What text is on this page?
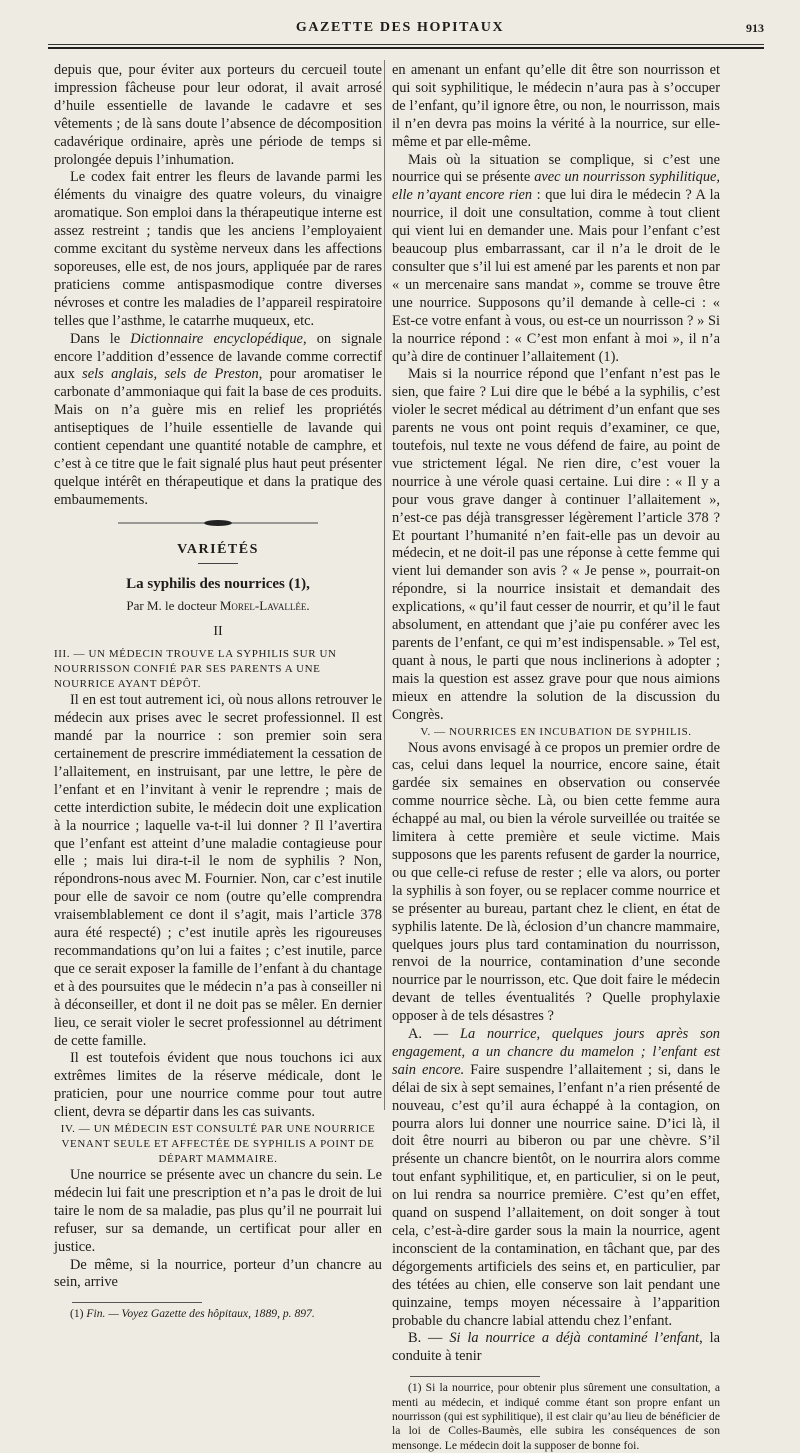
GAZETTE DES HOPITAUX	913

depuis que, pour éviter aux porteurs du cercueil toute impression fâcheuse pour leur odorat, il avait arrosé d’huile essentielle de lavande le cadavre et ses vêtements ; de là sans doute l’absence de décomposition cadavérique ordinaire, après une période de temps si prolongée depuis l’inhumation.

Le codex fait entrer les fleurs de lavande parmi les éléments du vinaigre des quatre voleurs, du vinaigre aromatique. Son emploi dans la thérapeutique interne est assez restreint ; tandis que les anciens l’employaient comme excitant du système nerveux dans les affections soporeuses, elle est, de nos jours, appliquée par de rares praticiens comme antispasmodique contre diverses névroses et contre les maladies de l’appareil respiratoire telles que l’asthme, le catarrhe muqueux, etc.

Dans le Dictionnaire encyclopédique, on signale encore l’addition d’essence de lavande comme correctif aux sels anglais, sels de Preston, pour aromatiser le carbonate d’ammoniaque qui fait la base de ces produits. Mais on n’a guère mis en relief les propriétés antiseptiques de l’huile essentielle de lavande qui contient cependant une quantité notable de camphre, et c’est à ce titre que le fait signalé plus haut peut présenter quelque intérêt en thérapeutique et dans la pratique des embaumements.

VARIÉTÉS
La syphilis des nourrices (1),
Par M. le docteur Morel-Lavallée.
II

III. — UN MÉDECIN TROUVE LA SYPHILIS SUR UN NOURRISSON CONFIÉ PAR SES PARENTS A UNE NOURRICE AYANT DÉPÔT.

Il en est tout autrement ici, où nous allons retrouver le médecin aux prises avec le secret professionnel. Il est mandé par la nourrice : son premier soin sera certainement de prescrire immédiatement la cessation de l’allaitement, en instruisant, par une lettre, le père de l’enfant et en l’invitant à venir le reprendre ; mais de cette interdiction subite, le médecin doit une explication à la nourrice ; laquelle va-t-il lui donner ? Il l’avertira que l’enfant est atteint d’une maladie contagieuse pour elle ; mais lui dira-t-il le nom de syphilis ? Non, répondrons-nous avec M. Fournier. Non, car c’est inutile pour elle de savoir ce nom (outre qu’elle comprendra vraisemblablement ce dont il s’agit, mais l’article 378 aura été respecté) ; c’est inutile après les rigoureuses recommandations qu’on lui a faites ; c’est inutile, parce que ce serait exposer la famille de l’enfant à du chantage et à des poursuites que le médecin n’a pas à conseiller ni à déconseiller, et dont il ne doit pas se mêler. En dernier lieu, ce serait violer le secret professionnel au détriment de cette famille.

Il est toutefois évident que nous touchons ici aux extrêmes limites de la réserve médicale, dont le praticien, pour une nourrice comme pour tout autre client, devra se départir dans les cas suivants.

IV. — UN MÉDECIN EST CONSULTÉ PAR UNE NOURRICE VENANT SEULE ET AFFECTÉE DE SYPHILIS A POINT DE DÉPART MAMMAIRE.

Une nourrice se présente avec un chancre du sein. Le médecin lui fait une prescription et n’a pas le droit de lui taire le nom de sa maladie, pas plus qu’il ne pourrait lui refuser, sur sa demande, un certificat pour aller en justice.

De même, si la nourrice, porteur d’un chancre au sein, arrive

(1) Fin. — Voyez Gazette des hôpitaux, 1889, p. 897.

en amenant un enfant qu’elle dit être son nourrisson et qui soit syphilitique, le médecin n’aura pas à s’occuper de l’enfant, qu’il ignore être, ou non, le nourrisson, mais il n’en devra pas moins la vérité à la nourrice, sur elle-même et par elle-même.

Mais où la situation se complique, si c’est une nourrice qui se présente avec un nourrisson syphilitique, elle n’ayant encore rien : que lui dira le médecin ? A la nourrice, il doit une consultation, comme à tout client qui vient lui en demander une. Mais pour l’enfant c’est beaucoup plus embarrassant, car il n’a le droit de le consulter que s’il lui est amené par les parents et non par « un mercenaire sans mandat », comme se trouve être une nourrice. Supposons qu’il demande à celle-ci : « Est-ce votre enfant à vous, ou est-ce un nourrisson ? » Si la nourrice répond : « C’est mon enfant à moi », il n’a qu’à dire de continuer l’allaitement (1).

Mais si la nourrice répond que l’enfant n’est pas le sien, que faire ? Lui dire que le bébé a la syphilis, c’est violer le secret médical au détriment d’un enfant que ses parents ne vous ont point requis d’examiner, ce que, toutefois, nul texte ne vous défend de faire, au point de vue strictement légal. Ne rien dire, c’est vouer la nourrice à une vérole quasi certaine. Lui dire : « Il y a pour vous grave danger à continuer l’allaitement », n’est-ce pas déjà transgresser légèrement l’article 378 ? Et pourtant l’humanité n’en fait-elle pas un devoir au médecin, et ne doit-il pas une réponse à cette femme qui vient lui demander son avis ? « Je pense », pourrait-on répondre, si la nourrice insistait et demandait des explications, « qu’il faut cesser de nourrir, et qu’il le faut absolument, en attendant que j’aie pu conférer avec les parents de l’enfant, ce qui m’est indispensable. » Tel est, quant à nous, le parti que nous inclinerions à adopter ; mais la question est assez grave pour que nous aimions mieux en attendre la solution de la discussion du Congrès.

V. — NOURRICES EN INCUBATION DE SYPHILIS.

Nous avons envisagé à ce propos un premier ordre de cas, celui dans lequel la nourrice, encore saine, était gardée six semaines en observation ou conservée comme nourrice sèche. Là, ou bien cette femme aura échappé au mal, ou bien la vérole surveillée ou traitée se limitera à cette première et seule victime. Mais supposons que les parents refusent de garder la nourrice, ou que celle-ci refuse de rester ; elle va alors, ou porter la syphilis à son foyer, ou se replacer comme nourrice et se présenter au bureau, partant chez le client, en état de syphilis latente. De là, éclosion d’un chancre mammaire, quelques jours plus tard contamination du nourrisson, renvoi de la nourrice, contamination d’une seconde nourrice par le nourrisson, etc. Que doit faire le médecin devant de telles éventualités ? Quelle prophylaxie opposer à de tels désastres ?

A. — La nourrice, quelques jours après son engagement, a un chancre du mamelon ; l’enfant est sain encore. Faire suspendre l’allaitement ; si, dans le délai de six à sept semaines, l’enfant n’a rien présenté de nouveau, c’est qu’il aura échappé à la contagion, on pourra alors lui donner une nourrice saine. D’ici là, il doit être nourri au biberon ou par une chèvre. S’il présente un chancre bientôt, on le nourrira alors comme tout enfant syphilitique, et, en particulier, si on le peut, on lui rendra sa nourrice première. C’est qu’en effet, quand on suspend l’allaitement, on doit songer à tout cela, c’est-à-dire garder sous la main la nourrice, agent inconscient de la contamination, en tâchant que, par des dégorgements artificiels des seins et, en particulier, par des tétées au chien, elle conserve son lait pendant une quinzaine, temps moyen nécessaire à l’apparition probable du chancre labial attendu chez l’enfant.

B. — Si la nourrice a déjà contaminé l’enfant, la conduite à tenir

(1) Si la nourrice, pour obtenir plus sûrement une consultation, a menti au médecin, et indiqué comme étant son propre enfant un nourrisson (qui est syphilitique), il est clair qu’au lieu de bénéficier de la loi de Colles-Baumès, elle subira les conséquences de son mensonge. Le médecin doit la supposer de bonne foi.
